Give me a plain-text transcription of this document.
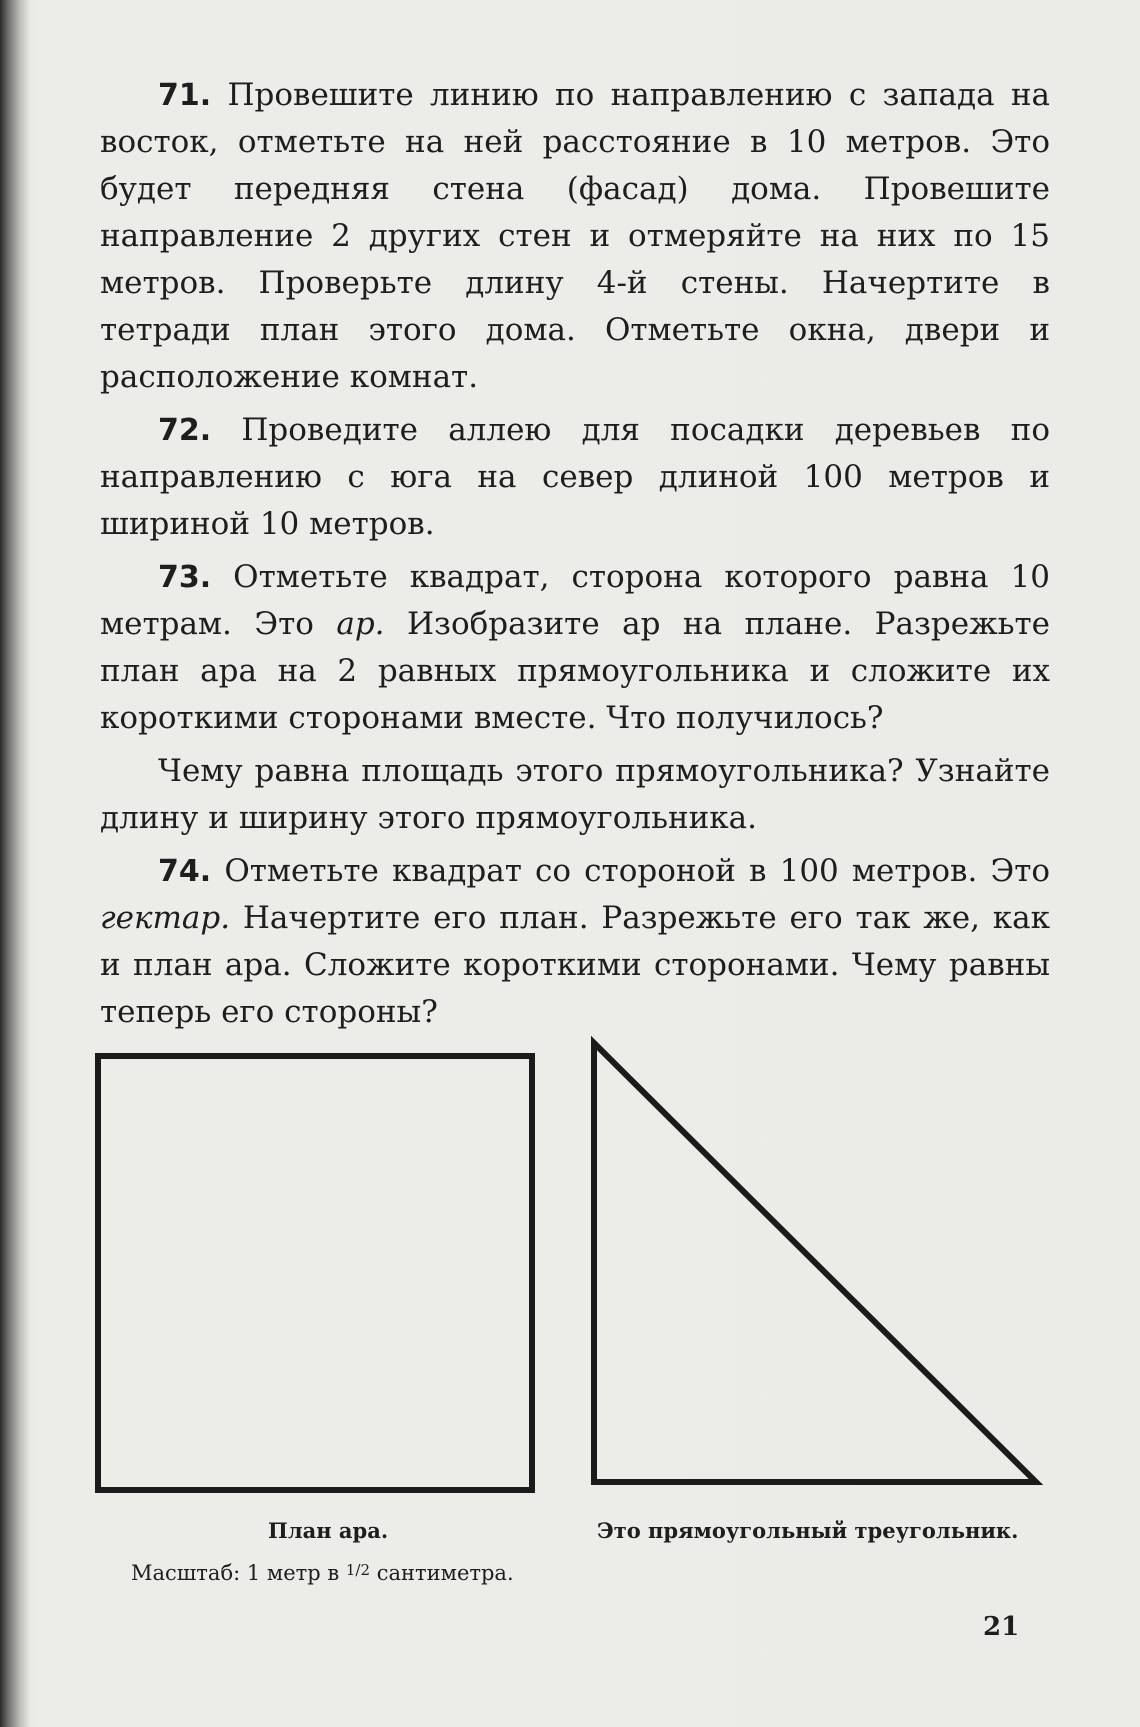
71. Провешите линию по направлению с запада на восток, отметьте на ней расстояние в 10 метров. Это будет передняя стена (фасад) дома. Провешите направление 2 других стен и отмеряйте на них по 15 метров. Проверьте длину 4-й стены. Начертите в тетради план этого дома. Отметьте окна, двери и расположение комнат.

72. Проведите аллею для посадки деревьев по направлению с юга на север длиной 100 метров и шириной 10 метров.

73. Отметьте квадрат, сторона которого равна 10 метрам. Это ар. Изобразите ар на плане. Разрежьте план ара на 2 равных прямоугольника и сложите их короткими сторонами вместе. Что получилось?

Чему равна площадь этого прямоугольника? Узнайте длину и ширину этого прямоугольника.

74. Отметьте квадрат со стороной в 100 метров. Это гектар. Начертите его план. Разрежьте его так же, как и план ара. Сложите короткими сторонами. Чему равны теперь его стороны?

План ара.	Это прямоугольный треугольник.
Масштаб: 1 метр в $^{1/2}$ сантиметра.
21
